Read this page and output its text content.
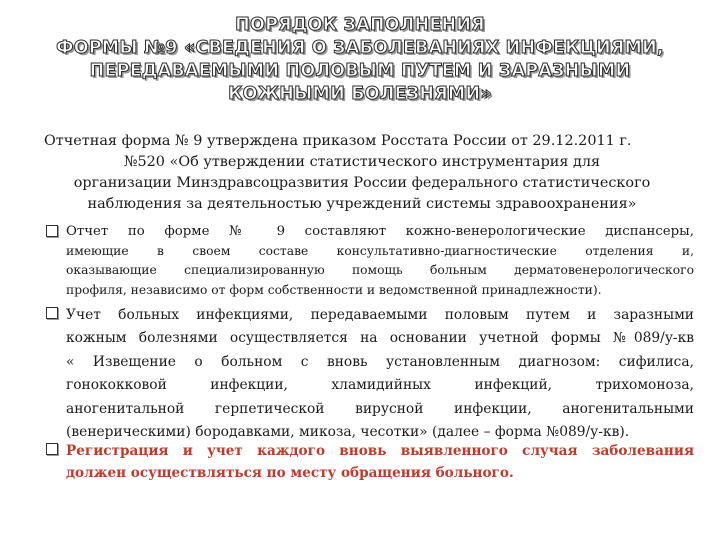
ПОРЯДОК ЗАПОЛНЕНИЯ
ФОРМЫ №9 «СВЕДЕНИЯ О ЗАБОЛЕВАНИЯХ ИНФЕКЦИЯМИ,
ПЕРЕДАВАЕМЫМИ ПОЛОВЫМ ПУТЕМ И ЗАРАЗНЫМИ
КОЖНЫМИ БОЛЕЗНЯМИ»
Отчетная форма № 9 утверждена приказом Росстата России от 29.12.2011 г.
№520 «Об утверждении статистического инструментария для
организации Минздравсоцразвития России федерального статистического
наблюдения за деятельностью учреждений системы здравоохранения»
Отчет по форме № 9 составляют кожно-венерологические диспансеры,
имеющие в своем составе консультативно-диагностические отделения и,
оказывающие специализированную помощь больным дерматовенерологического
профиля, независимо от форм собственности и ведомственной принадлежности).
Учет больных инфекциями, передаваемыми половым путем и заразными
кожным болезнями осуществляется на основании учетной формы №089/у-кв
« Извещение о больном с вновь установленным диагнозом: сифилиса,
гонококковой инфекции, хламидийных инфекций, трихомоноза,
аногенитальной герпетической вирусной инфекции, аногенитальными
(венерическими) бородавками, микоза, чесотки» (далее – форма №089/у-кв).
Регистрация и учет каждого вновь выявленного случая заболевания
должен осуществляться по месту обращения больного.
